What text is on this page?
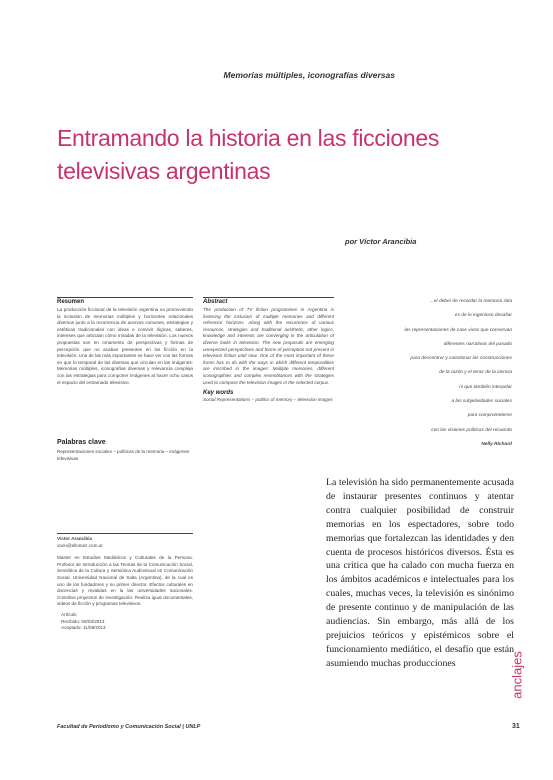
Memorias múltiples, iconografías diversas
Entramando la historia en las ficciones
televisivas argentinas
por Víctor Arancibia
Resumen
La producción ficcional de la televisión argentina va promoviendo la inclusión de memorias múltiples y horizontes relacionales diversos junto a la recurrencia de acervos comunes, estrategias y estéticas tradicionales con ideas e convivir lógicas, saberes, intereses que articulan cómo miradas de la televisión. Los nuevos propuestas son en ornamento de perspectivas y formas de percepción que no acaban presentes en los ficción en la televisión. Una de las más importantes se hace ver con las formas en que lo temporal de las diversas que circulan en las imágenes: Memorias múltiples, iconografías diversas y relevancia compleja con las estrategias para componer imágenes al hacer ocho casos el espacio del entramado televisivo.
Abstract
The production of TV fiction programmes in Argentina is fostering the inclusion of multiple memories and different reference horizons. Along with the recurrence of various resources, strategies and traditional aesthetic, other logics, knowledge and interests are converging in the articulation of diverse looks in television. The new proposals are emerging unexpected perspectives and forms of perception not present in television fiction until now. One of the most important of these forms has to do with the ways in which different temporalities are inscribed in the images: Multiple memories, different iconographies and complex resemblances with the strategies used to compose the television images in the selected corpus.
Key words
Social Representations – politics of memory – television images

...el deber de recordar la memoria sitia

es de lo ingenioso desafiar

las representaciones de caos vivos que conservan

diferentes narrativas del pasado

para descentrar y cuestionar las construcciones

de la razón y el tenor de la ciencia

ni que también interpelar

a las subjetividades sociales

para comprometerse

con las visiones políticas del recuerdo

Nelly Richard

Palabras clave
Representaciones sociales – políticas de la memoria – imágenes televisivas
Víctor Arancibia
vaon@ellomez.com.ar
Master en Estudios Mediáticos y Culturales de la Persona. Profesor de Introducción a las Teorías de la Comunicación Social, Semiótica de la Cultura y Semiótica Audiovisual en Comunicación Social. Universidad Nacional de Salta (Argentina), de la cual es uno de los fundadores y su primer director. Efectos culturales en docencias y revalidas en la las universidades nacionales. Coordina proyectos de investigación. Realiza igual documentales, videos de ficción y programas televisivos.
Artículo
Recibido: 09/03/2013
Aceptado: 11/08/2013
La televisión ha sido permanentemente acusada de instaurar presentes continuos y atentar contra cualquier posibilidad de construir memorias en los espectadores, sobre todo memorias que fortalezcan las identidades y den cuenta de procesos históricos diversos. Ésta es una crítica que ha calado con mucha fuerza en los ámbitos académicos e intelectuales para los cuales, muchas veces, la televisión es sinónimo de presente continuo y de manipulación de las audiencias. Sin embargo, más allá de los prejuicios teóricos y epistémicos sobre el funcionamiento mediático, el desafío que están asumiendo muchas producciones	anclajes
Facultad de Periodismo y Comunicación Social | UNLP	31
